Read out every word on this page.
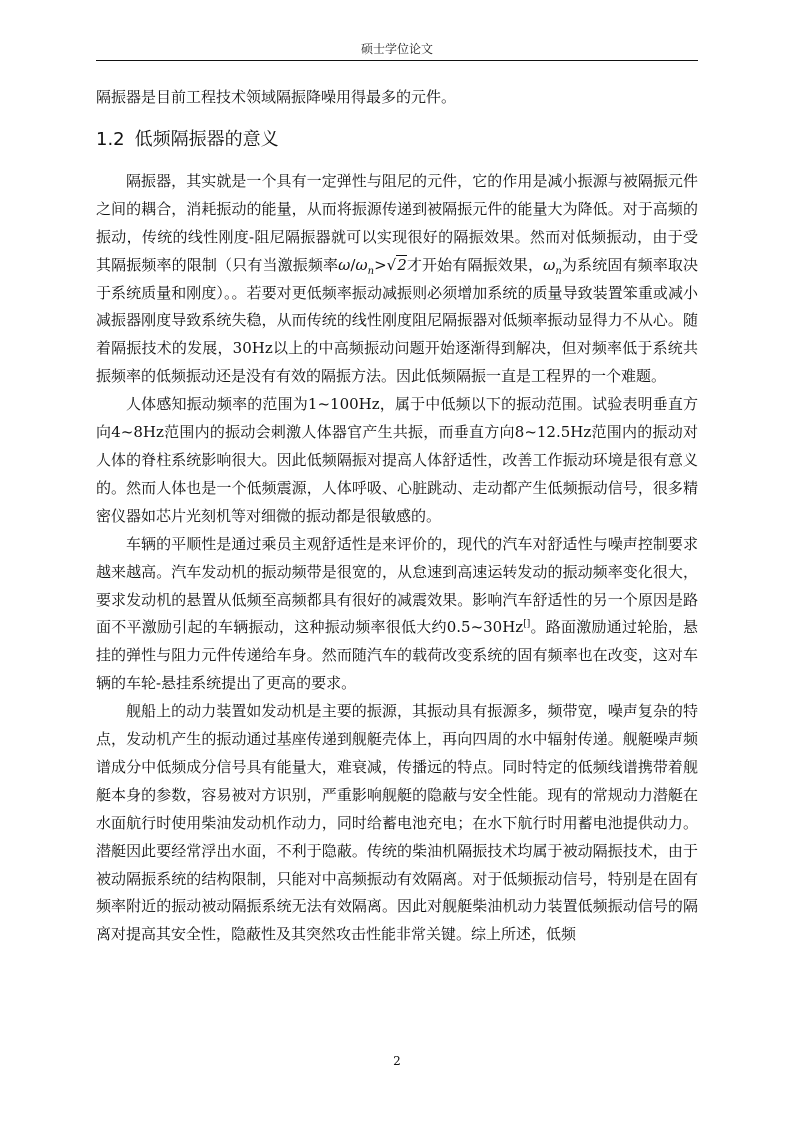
硕士学位论文

隔振器是目前工程技术领域隔振降噪用得最多的元件。

1.2 低频隔振器的意义

隔振器，其实就是一个具有一定弹性与阻尼的元件，它的作用是减小振源与被隔振元件之间的耦合，消耗振动的能量，从而将振源传递到被隔振元件的能量大为降低。对于高频的振动，传统的线性刚度-阻尼隔振器就可以实现很好的隔振效果。然而对低频振动，由于受其隔振频率的限制（只有当激振频率$\omega/\omega_n>√2$才开始有隔振效果，$\omega_n$为系统固有频率取决于系统质量和刚度）。。若要对更低频率振动减振则必须增加系统的质量导致装置笨重或减小减振器刚度导致系统失稳，从而传统的线性刚度阻尼隔振器对低频率振动显得力不从心。随着隔振技术的发展，30Hz以上的中高频振动问题开始逐渐得到解决，但对频率低于系统共振频率的低频振动还是没有有效的隔振方法。因此低频隔振一直是工程界的一个难题。

人体感知振动频率的范围为1~100Hz，属于中低频以下的振动范围。试验表明垂直方向4~8Hz范围内的振动会刺激人体器官产生共振，而垂直方向8~12.5Hz范围内的振动对人体的脊柱系统影响很大。因此低频隔振对提高人体舒适性，改善工作振动环境是很有意义的。然而人体也是一个低频震源，人体呼吸、心脏跳动、走动都产生低频振动信号，很多精密仪器如芯片光刻机等对细微的振动都是很敏感的。

车辆的平顺性是通过乘员主观舒适性是来评价的，现代的汽车对舒适性与噪声控制要求越来越高。汽车发动机的振动频带是很宽的，从怠速到高速运转发动的振动频率变化很大，要求发动机的悬置从低频至高频都具有很好的减震效果。影响汽车舒适性的另一个原因是路面不平激励引起的车辆振动，这种振动频率很低大约0.5~30Hz[]。路面激励通过轮胎，悬挂的弹性与阻力元件传递给车身。然而随汽车的载荷改变系统的固有频率也在改变，这对车辆的车轮-悬挂系统提出了更高的要求。

舰船上的动力装置如发动机是主要的振源，其振动具有振源多，频带宽，噪声复杂的特点，发动机产生的振动通过基座传递到舰艇壳体上，再向四周的水中辐射传递。舰艇噪声频谱成分中低频成分信号具有能量大，难衰减，传播远的特点。同时特定的低频线谱携带着舰艇本身的参数，容易被对方识别，严重影响舰艇的隐蔽与安全性能。现有的常规动力潜艇在水面航行时使用柴油发动机作动力，同时给蓄电池充电；在水下航行时用蓄电池提供动力。潜艇因此要经常浮出水面，不利于隐蔽。传统的柴油机隔振技术均属于被动隔振技术，由于被动隔振系统的结构限制，只能对中高频振动有效隔离。对于低频振动信号，特别是在固有频率附近的振动被动隔振系统无法有效隔离。因此对舰艇柴油机动力装置低频振动信号的隔离对提高其安全性，隐蔽性及其突然攻击性能非常关键。综上所述，低频

2
